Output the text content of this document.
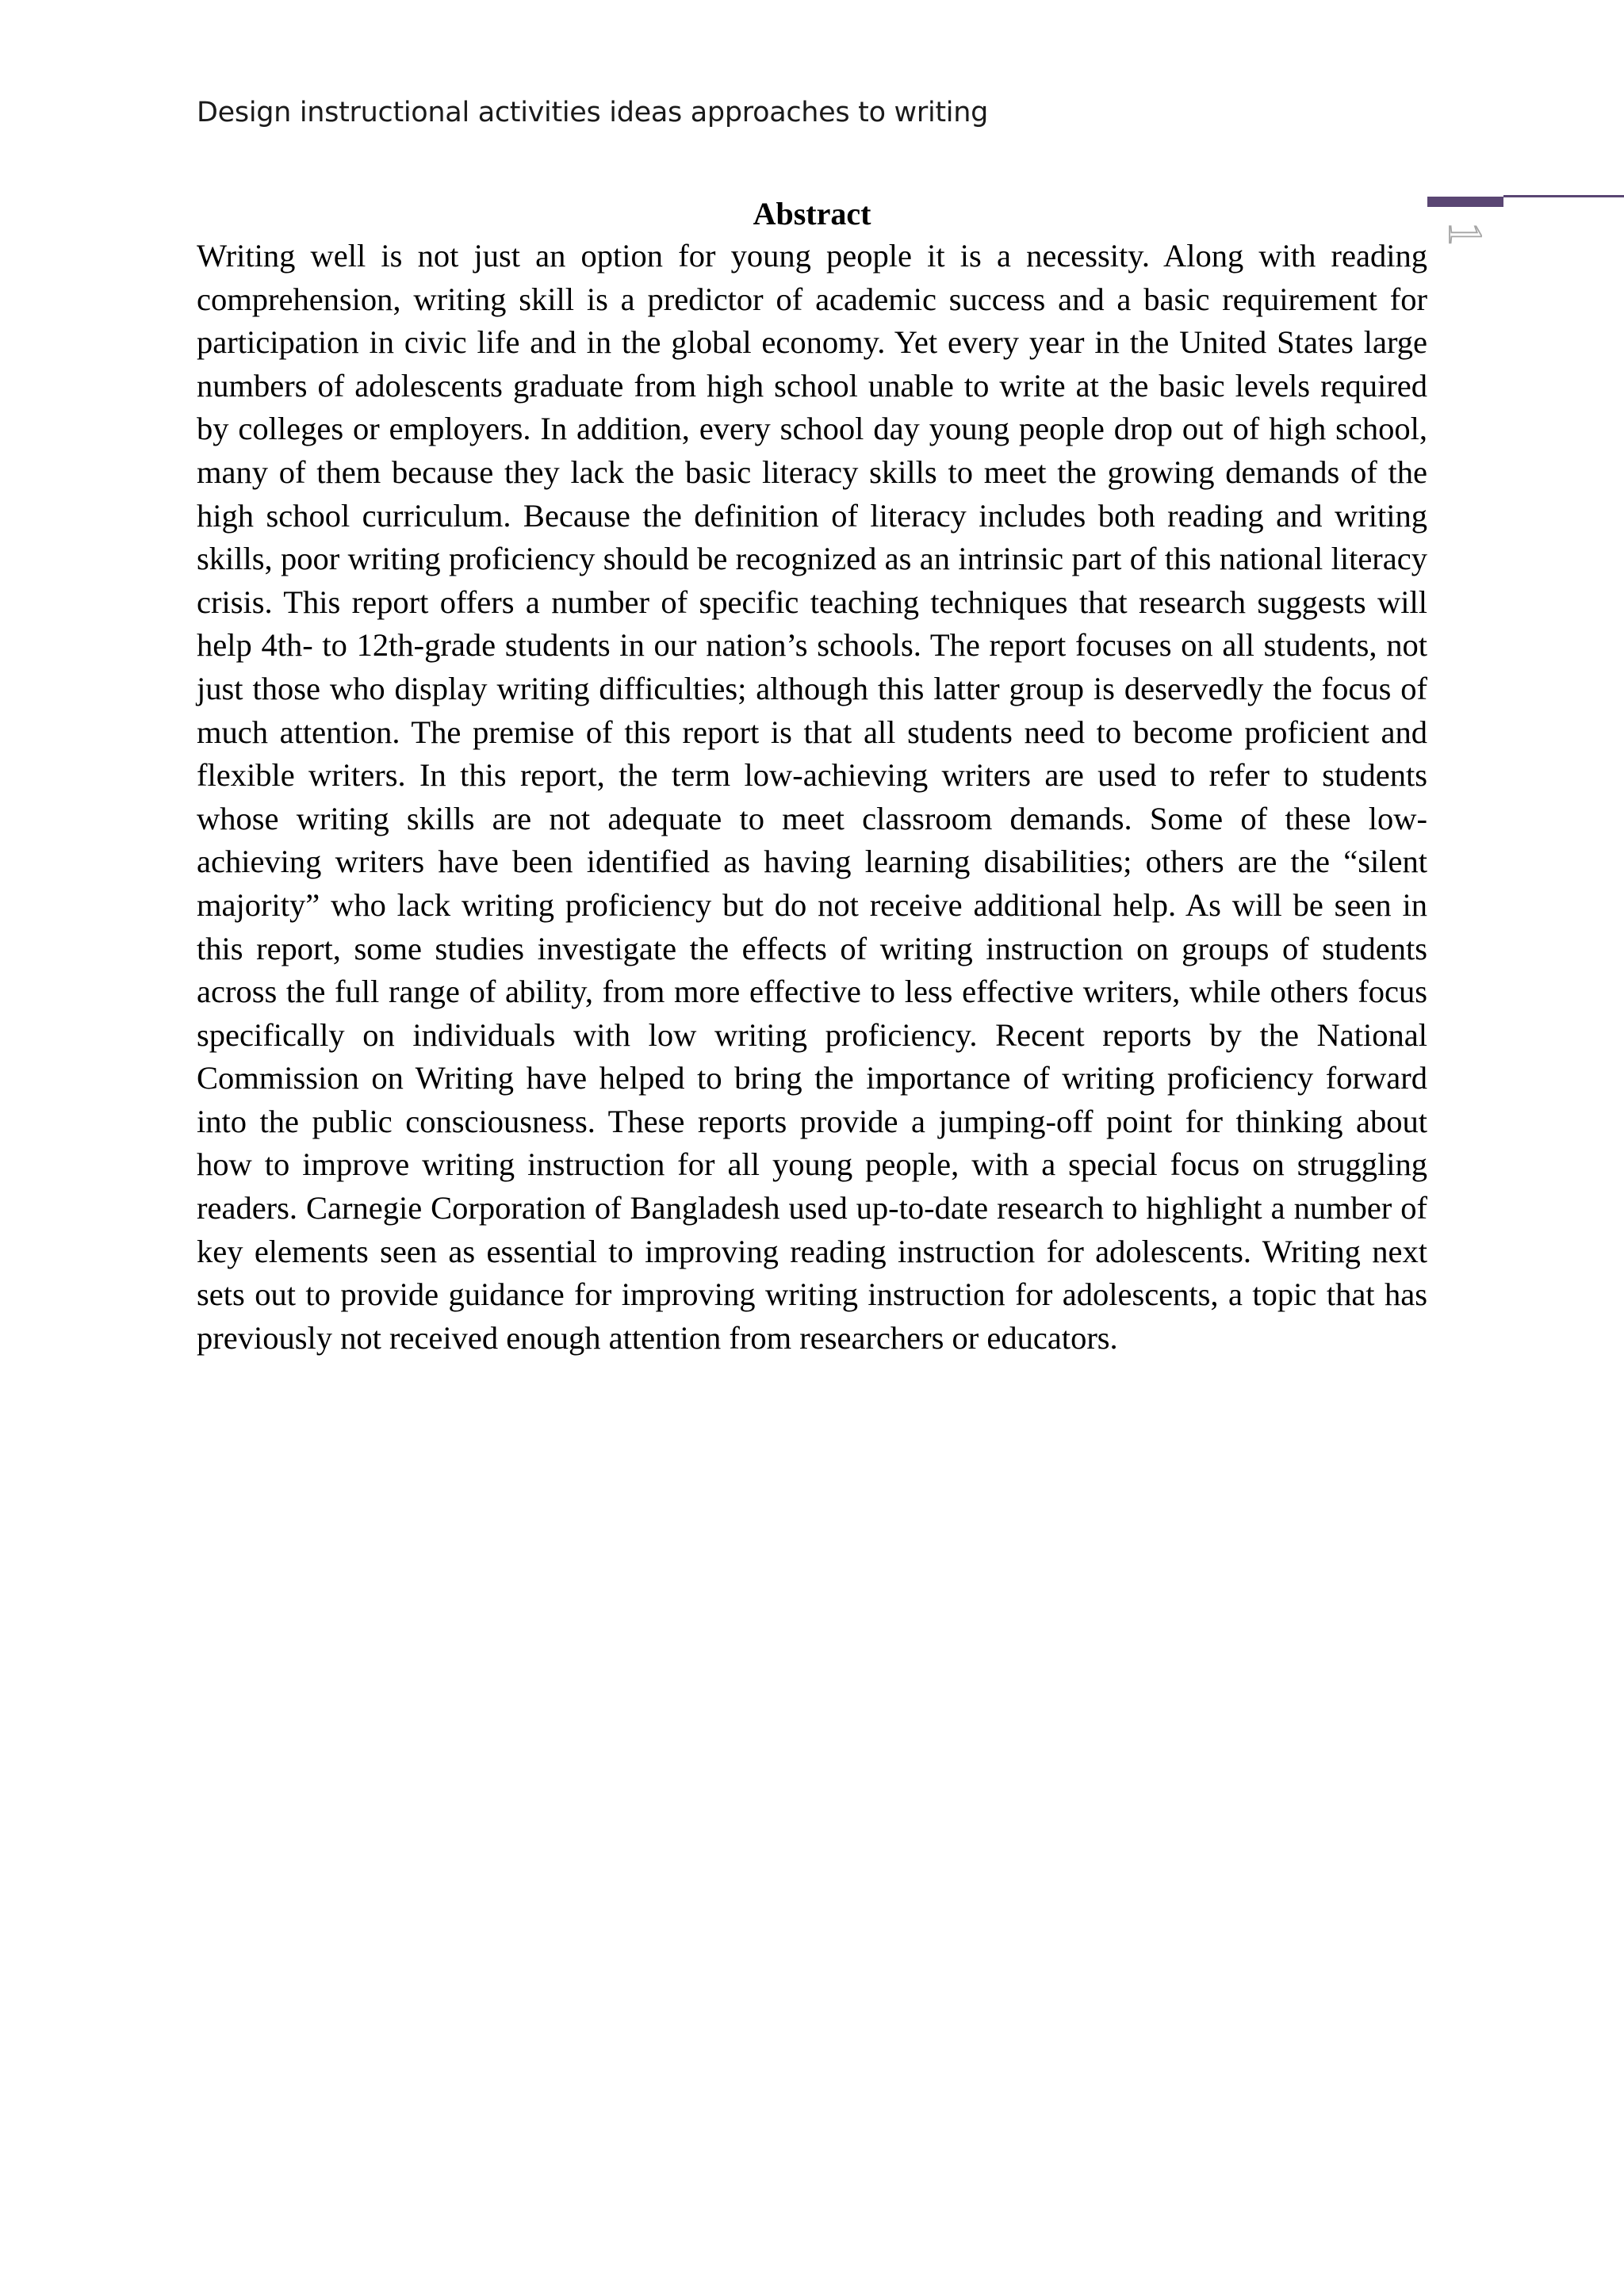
Design instructional activities ideas approaches to writing
1
Abstract

Writing well is not just an option for young people it is a necessity. Along with reading comprehension, writing skill is a predictor of academic success and a basic requirement for participation in civic life and in the global economy. Yet every year in the United States large numbers of adolescents graduate from high school unable to write at the basic levels required by colleges or employers. In addition, every school day young people drop out of high school, many of them because they lack the basic literacy skills to meet the growing demands of the high school curriculum. Because the definition of literacy includes both reading and writing skills, poor writing proficiency should be recognized as an intrinsic part of this national literacy crisis. This report offers a number of specific teaching techniques that research suggests will help 4th- to 12th-grade students in our nation’s schools. The report focuses on all students, not just those who display writing difficulties; although this latter group is deservedly the focus of much attention. The premise of this report is that all students need to become proficient and flexible writers. In this report, the term low-achieving writers are used to refer to students whose writing skills are not adequate to meet classroom demands. Some of these low-achieving writers have been identified as having learning disabilities; others are the “silent majority” who lack writing proficiency but do not receive additional help. As will be seen in this report, some studies investigate the effects of writing instruction on groups of students across the full range of ability, from more effective to less effective writers, while others focus specifically on individuals with low writing proficiency. Recent reports by the National Commission on Writing have helped to bring the importance of writing proficiency forward into the public consciousness. These reports provide a jumping-off point for thinking about how to improve writing instruction for all young people, with a special focus on struggling readers. Carnegie Corporation of Bangladesh used up-to-date research to highlight a number of key elements seen as essential to improving reading instruction for adolescents. Writing next sets out to provide guidance for improving writing instruction for adolescents, a topic that has previously not received enough attention from researchers or educators.
